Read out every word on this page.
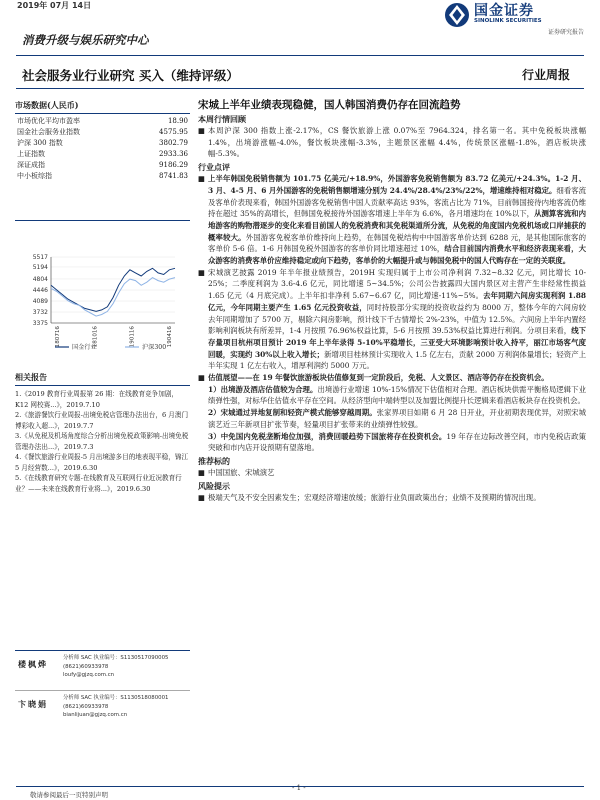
2019年 07月 14日	国金证券
SINOLINK SECURITIES
证券研究报告
消费升级与娱乐研究中心
社会服务业行业研究 买入（维持评级）	行业周报
市场数据(人民币)
市场优化平均市盈率	18.90
国金社会服务业指数	4575.95
沪深 300 指数	3802.79
上证指数	2933.36
深证成指	9186.29
中小板综指	8741.83
5517
5194
4804
4446
4089
3732
3375
180716	181016	190116	190416
国金行业	沪深300
相关报告
1.《2019 教育行业周报第 26 期：在线教育竞争加剧，K12 网校赛...》，2019.7.10
2.《旅游餐饮行业周报-出境免税店管理办法出台，6 月澳门博彩收入超...》，2019.7.7
3.《从免税及机场角度综合分析出境免税政策影响-出境免税管理办法出...》，2019.7.3
4.《餐饮旅游行业周报-5 月出境游多目的地表现平稳，锦江 5 月经营数...》，2019.6.30
5.《在线教育研究专题-在线教育及互联网行业近况教育行业？——未来在线教育行业将...》，2019.6.30
楼枫烨
分析师 SAC 执业编号：S1130517090005
(8621)60933978
loufy@gjzq.com.cn
卞晓娟
分析师 SAC 执业编号：S1130518080001
(8621)60933978
bianlijuan@gjzq.com.cn
宋城上半年业绩表现稳健，国人韩国消费仍存在回流趋势
本周行情回顾
■ 本周沪深 300 指数上涨-2.17%，CS 餐饮旅游上涨 0.07%至 7964.324，排名第一名。其中免税板块涨幅 1.4%，出境游涨幅-4.0%，餐饮板块涨幅-3.3%，主题景区涨幅 4.4%，传统景区涨幅-1.8%，酒店板块涨幅-5.3%。
行业点评
■ 上半年韩国免税销售额为 101.75 亿美元/+18.9%，外国游客免税销售额为 83.72 亿美元/+24.3%。1-2 月、3 月、4-5 月、6 月外国游客的免税销售额增速分别为 24.4%/28.4%/23%/22%，增速维持相对稳定。细看客流及客单价表现来看，韩国外国游客免税销售中国人贡献率高达 93%，客流占比为 71%，目前韩国接待内地客流仍维持在超过 35%的高增长，但韩国免税接待外国游客增速上半年为 6.6%，各月增速均在 10%以下，从测算客流和内地游客的购物潜逐步的变化来看目前国人的免税消费和其免税渠道所分流，从免税的角度国内免税机场或口岸捕获的概率较大。外国游客免税客单价维持向上趋势，在韩国免税结构中中国游客单价达到 6288 元，是其他国际旅客的客单价 5-6 倍。1-6 月韩国免税外国游客的客单价同比增速超过 10%，结合目前国内消费水平和经济表现来看，大众游客的消费客单价应维持稳定或向下趋势，客单价的大幅提升或与韩国免税中的国人代购存在一定的关联度。
■ 宋城演艺披露 2019 年半年报业绩预告，2019H 实现归属于上市公司净利润 7.32~8.32 亿元，同比增长 10-25%；二季度利润为 3.6-4.6 亿元，同比增速 5~34.5%；公司公告披露四大国内景区对主营产生非经常性损益 1.65 亿元（4 月底完成）。上半年扣非净利 5.67~6.67 亿，同比增速-11%~5%。去年同期六间房实现利润 1.88 亿元，今年同期主要产生 1.65 亿元投资收益，同时持股部分实现的投资收益约为 8000 万，整体今年的六间房较去年同期增加了 5700 万，剔除六间房影响，预计线下千古情增长 2%-23%，中值为 12.5%。六间房上半年内置经影响利润板块有所差异，1-4 月按照 76.96%权益比算，5-6 月按照 39.53%权益比算进行利润。分项目来看，线下存量项目杭州项目预计 2019 年上半年录得 5-10%平稳增长，三亚受大环境影响预计收入持平，丽江市场客气度回暖，实现约 30%以上收入增长；新增项目桂林预计实现收入 1.5 亿左右，贡献 2000 万利润体量增长；轻资产上半年实现 1 亿左右收入，增厚利润约 5000 万元。
■ 估值展望——在 19 年餐饮旅游板块估值修复到一定阶段后，免税、人文景区、酒店等仍存在投资机会。
1）出境游及酒店估值较为合理。出境游行业增速 10%-15%情况下估值相对合理。酒店板块供需平衡格局逻辑下业绩弹性强，对标华住估值水平存在空间。从经济型向中端转型以及加盟比例提升长逻辑来看酒店板块存在投资机会。
2）宋城通过异地复制和轻资产模式能够穿越周期。张家界项目如期 6 月 28 日开业，开业初期表现优异，对照宋城演艺近三年新项目扩张节奏，轻量项目扩张带来的业绩弹性较强。
3）中免国内免税垄断地位加强，消费回暖趋势下国旅将存在投资机会。19 年存在边际改善空间，市内免税店政策突破和市内店开设预期有望落地。
推荐标的
■ 中国国旅、宋城演艺
风险提示
■ 极端天气及不安全因素发生；宏观经济增速放缓；旅游行业负面政策出台；业绩不及预期的情况出现。
敬请参阅最后一页特别声明
- 1 -
